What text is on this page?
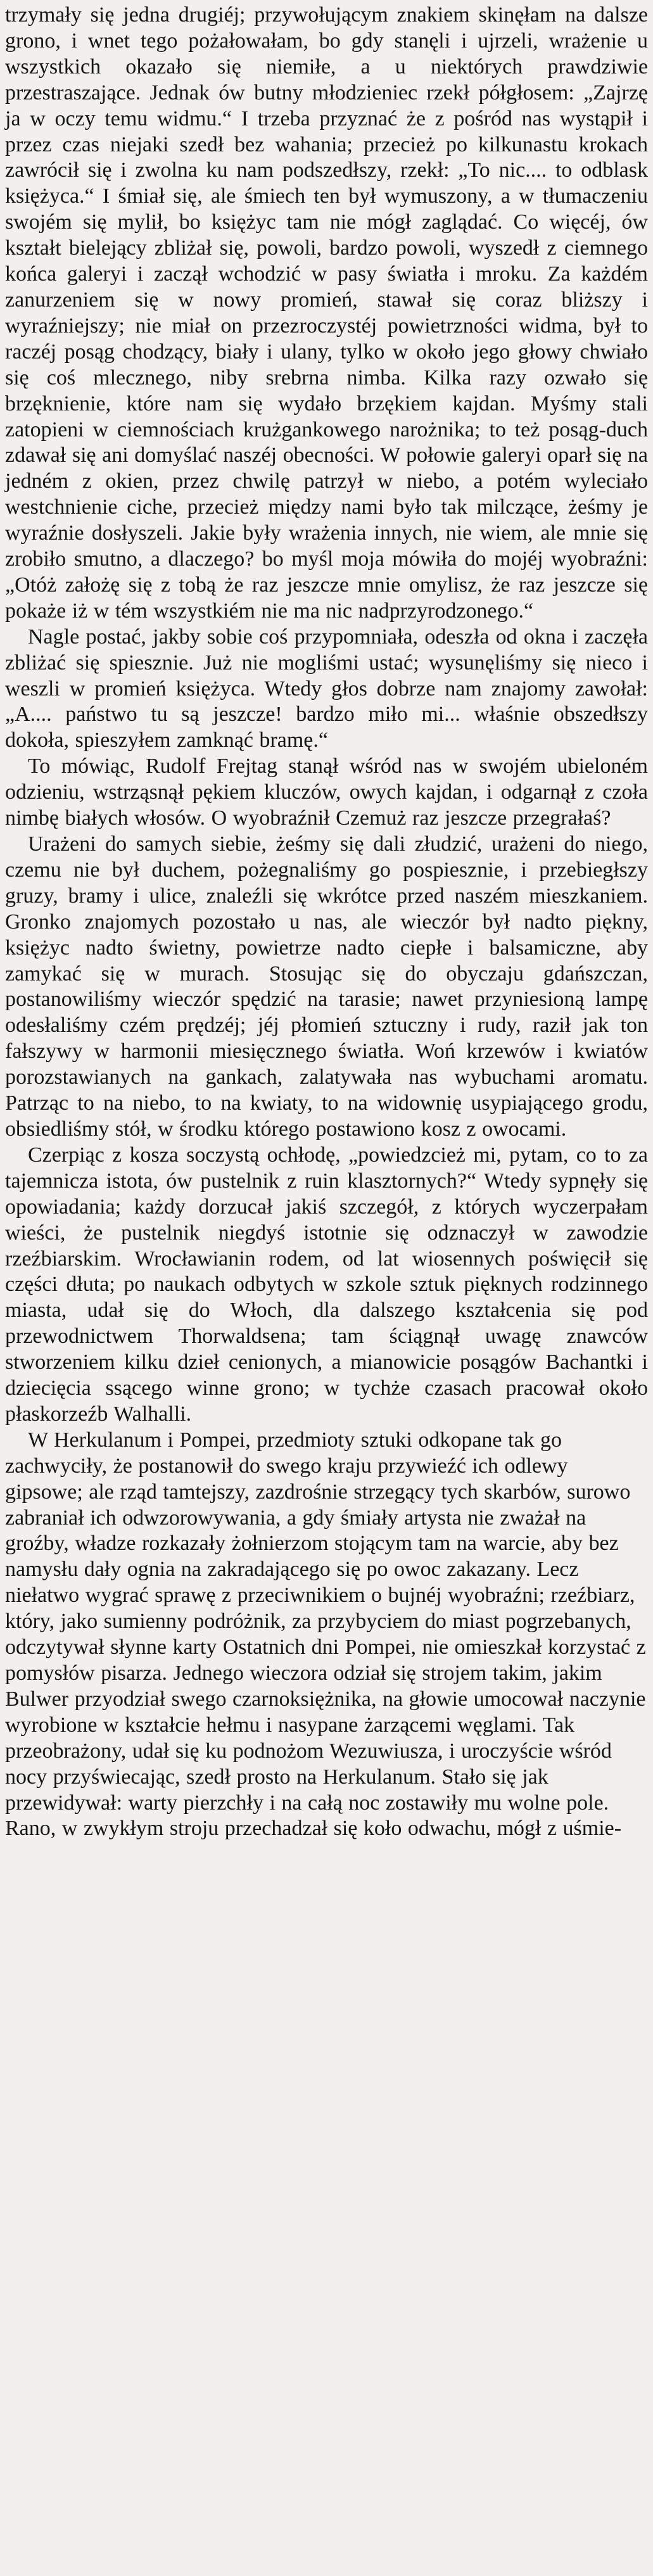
trzymały się jedna drugiéj; przywołującym znakiem skinęłam na dalsze grono, i wnet tego pożałowałam, bo gdy stanęli i ujrzeli, wrażenie u wszystkich okazało się niemiłe, a u niektórych prawdziwie przestraszające. Jednak ów butny młodzieniec rzekł półgłosem: „Zajrzę ja w oczy temu widmu.“ I trzeba przyznać że z pośród nas wystąpił i przez czas niejaki szedł bez wahania; przecież po kilkunastu krokach zawrócił się i zwolna ku nam podszedłszy, rzekł: „To nic.... to odblask księżyca.“ I śmiał się, ale śmiech ten był wymuszony, a w tłumaczeniu swojém się mylił, bo księżyc tam nie mógł zaglądać. Co więcéj, ów kształt bielejący zbliżał się, powoli, bardzo powoli, wyszedł z ciemnego końca galeryi i zaczął wchodzić w pasy światła i mroku. Za każdém zanurzeniem się w nowy promień, stawał się coraz bliższy i wyraźniejszy; nie miał on przezroczystéj powietrzności widma, był to raczéj posąg chodzący, biały i ulany, tylko w około jego głowy chwiało się coś mlecznego, niby srebrna nimba. Kilka razy ozwało się brzęknienie, które nam się wydało brzękiem kajdan. Myśmy stali zatopieni w ciemnościach krużgankowego narożnika; to też posąg-duch zdawał się ani domyślać naszéj obecności. W połowie galeryi oparł się na jedném z okien, przez chwilę patrzył w niebo, a potém wyleciało westchnienie ciche, przecież między nami było tak milczące, żeśmy je wyraźnie dosłyszeli. Jakie były wrażenia innych, nie wiem, ale mnie się zrobiło smutno, a dlaczego? bo myśl moja mówiła do mojéj wyobraźni: „Otóż założę się z tobą że raz jeszcze mnie omylisz, że raz jeszcze się pokaże iż w tém wszystkiém nie ma nic nadprzyrodzonego.“

Nagle postać, jakby sobie coś przypomniała, odeszła od okna i zaczęła zbliżać się spiesznie. Już nie mogliśmi ustać; wysunęliśmy się nieco i weszli w promień księżyca. Wtedy głos dobrze nam znajomy zawołał: „A.... państwo tu są jeszcze! bardzo miło mi... właśnie obszedłszy dokoła, spieszyłem zamknąć bramę.“

To mówiąc, Rudolf Frejtag stanął wśród nas w swojém ubieloném odzieniu, wstrząsnął pękiem kluczów, owych kajdan, i odgarnął z czoła nimbę białych włosów. O wyobraźnił Czemuż raz jeszcze przegrałaś?

Urażeni do samych siebie, żeśmy się dali złudzić, urażeni do niego, czemu nie był duchem, pożegnaliśmy go pospiesznie, i przebiegłszy gruzy, bramy i ulice, znaleźli się wkrótce przed naszém mieszkaniem. Gronko znajomych pozostało u nas, ale wieczór był nadto piękny, księżyc nadto świetny, powietrze nadto ciepłe i balsamiczne, aby zamykać się w murach. Stosując się do obyczaju gdańszczan, postanowiliśmy wieczór spędzić na tarasie; nawet przyniesioną lampę odesłaliśmy czém prędzéj; jéj płomień sztuczny i rudy, raził jak ton fałszywy w harmonii miesięcznego światła. Woń krzewów i kwiatów porozstawianych na gankach, zalatywała nas wybuchami aromatu. Patrząc to na niebo, to na kwiaty, to na widownię usypiającego grodu, obsiedliśmy stół, w środku którego postawiono kosz z owocami.

Czerpiąc z kosza soczystą ochłodę, „powiedzcież mi, pytam, co to za tajemnicza istota, ów pustelnik z ruin klasztornych?“ Wtedy sypnęły się opowiadania; każdy dorzucał jakiś szczegół, z których wyczerpałam wieści, że pustelnik niegdyś istotnie się odznaczył w zawodzie rzeźbiarskim. Wrocławianin rodem, od lat wiosennych poświęcił się części dłuta; po naukach odbytych w szkole sztuk pięknych rodzinnego miasta, udał się do Włoch, dla dalszego kształcenia się pod przewodnictwem Thorwaldsena; tam ściągnął uwagę znawców stworzeniem kilku dzieł cenionych, a mianowicie posągów Bachantki i dziecięcia ssącego winne grono; w tychże czasach pracował około płaskorzeźb Walhalli.

W Herkulanum i Pompei, przedmioty sztuki odkopane tak go zachwyciły, że postanowił do swego kraju przywieźć ich odlewy gipsowe; ale rząd tamtejszy, zazdrośnie strzegący tych skarbów, surowo zabraniał ich odwzorowywania, a gdy śmiały artysta nie zważał na groźby, władze rozkazały żołnierzom stojącym tam na warcie, aby bez namysłu dały ognia na zakradającego się po owoc zakazany. Lecz niełatwo wygrać sprawę z przeciwnikiem o bujnéj wyobraźni; rzeźbiarz, który, jako sumienny podróżnik, za przybyciem do miast pogrzebanych, odczytywał słynne karty Ostatnich dni Pompei, nie omieszkał korzystać z pomysłów pisarza. Jednego wieczora odział się strojem takim, jakim Bulwer przyodział swego czarnoksiężnika, na głowie umocował naczynie wyrobione w kształcie hełmu i nasypane żarzącemi węglami. Tak przeobrażony, udał się ku podnożom Wezuwiusza, i uroczyście wśród nocy przyświecając, szedł prosto na Herkulanum. Stało się jak przewidywał: warty pierzchły i na całą noc zostawiły mu wolne pole. Rano, w zwykłym stroju przechadzał się koło odwachu, mógł z uśmie-
